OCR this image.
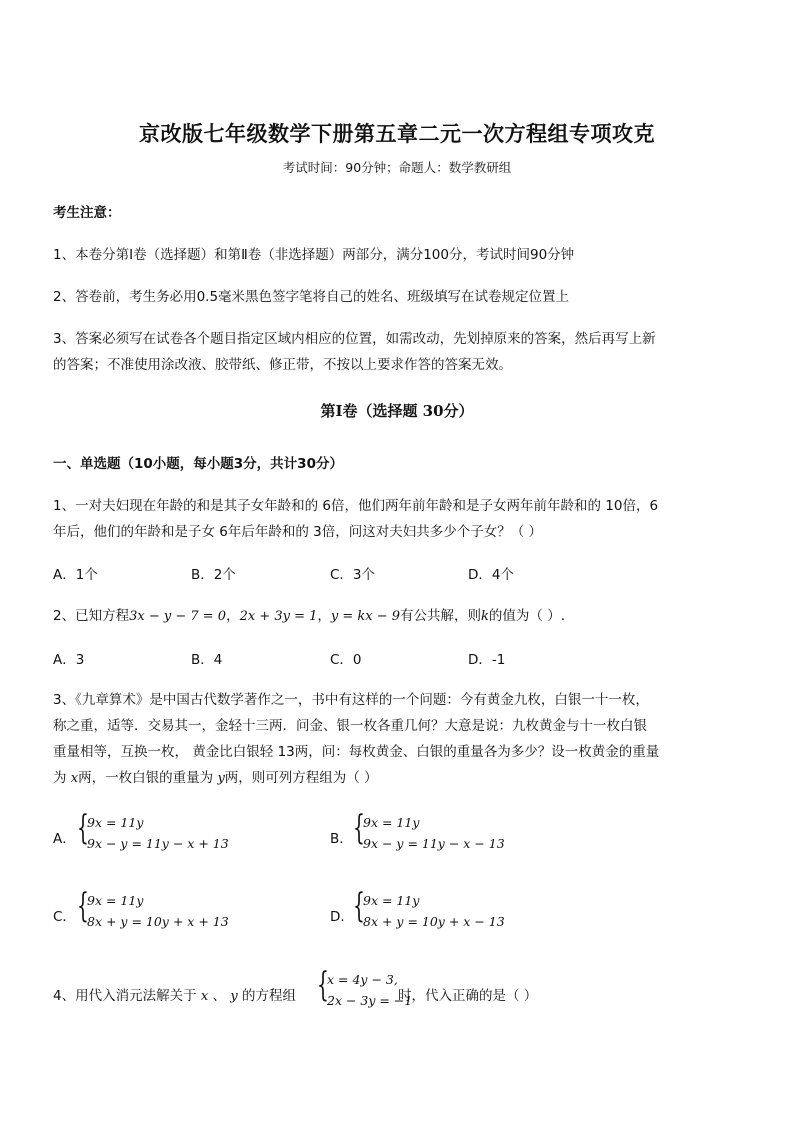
京改版七年级数学下册第五章二元一次方程组专项攻克
考试时间：90分钟；命题人：数学教研组
考生注意：
1、本卷分第Ⅰ卷（选择题）和第Ⅱ卷（非选择题）两部分，满分100分，考试时间90分钟
2、答卷前，考生务必用0.5毫米黑色签字笔将自己的姓名、班级填写在试卷规定位置上
3、答案必须写在试卷各个题目指定区域内相应的位置，如需改动，先划掉原来的答案，然后再写上新
的答案；不准使用涂改液、胶带纸、修正带，不按以上要求作答的答案无效。
第Ⅰ卷（选择题 30分）
一、单选题（10小题，每小题3分，共计30分）
1、一对夫妇现在年龄的和是其子女年龄和的 6倍，他们两年前年龄和是子女两年前年龄和的 10倍，6
年后，他们的年龄和是子女 6年后年龄和的 3倍，问这对夫妇共多少个子女？（ ）
A．1个	B．2个	C．3个	D．4个
2、已知方程3x − y − 7 = 0，2x + 3y = 1，y = kx − 9有公共解，则k的值为（ ）.
A．3	B．4	C．0	D．-1
3、《九章算术》是中国古代数学著作之一，书中有这样的一个问题：今有黄金九枚，白银一十一枚，
称之重，适等．交易其一，金轻十三两．问金、银一枚各重几何？大意是说：九枚黄金与十一枚白银
重量相等，互换一枚， 黄金比白银轻 13两，问：每枚黄金、白银的重量各为多少？设一枚黄金的重量
为 x两，一枚白银的重量为 y两，则可列方程组为（ ）
A． {
9x = 11y
9x − y = 11y − x + 13	B． {
9x = 11y
9x − y = 11y − x − 13
C． {
9x = 11y
8x + y = 10y + x + 13	D． {
9x = 11y
8x + y = 10y + x − 13
4、用代入消元法解关于 x 、 y 的方程组 {
x = 4y − 3,
2x − 3y = −1
时，代入正确的是（ ）
